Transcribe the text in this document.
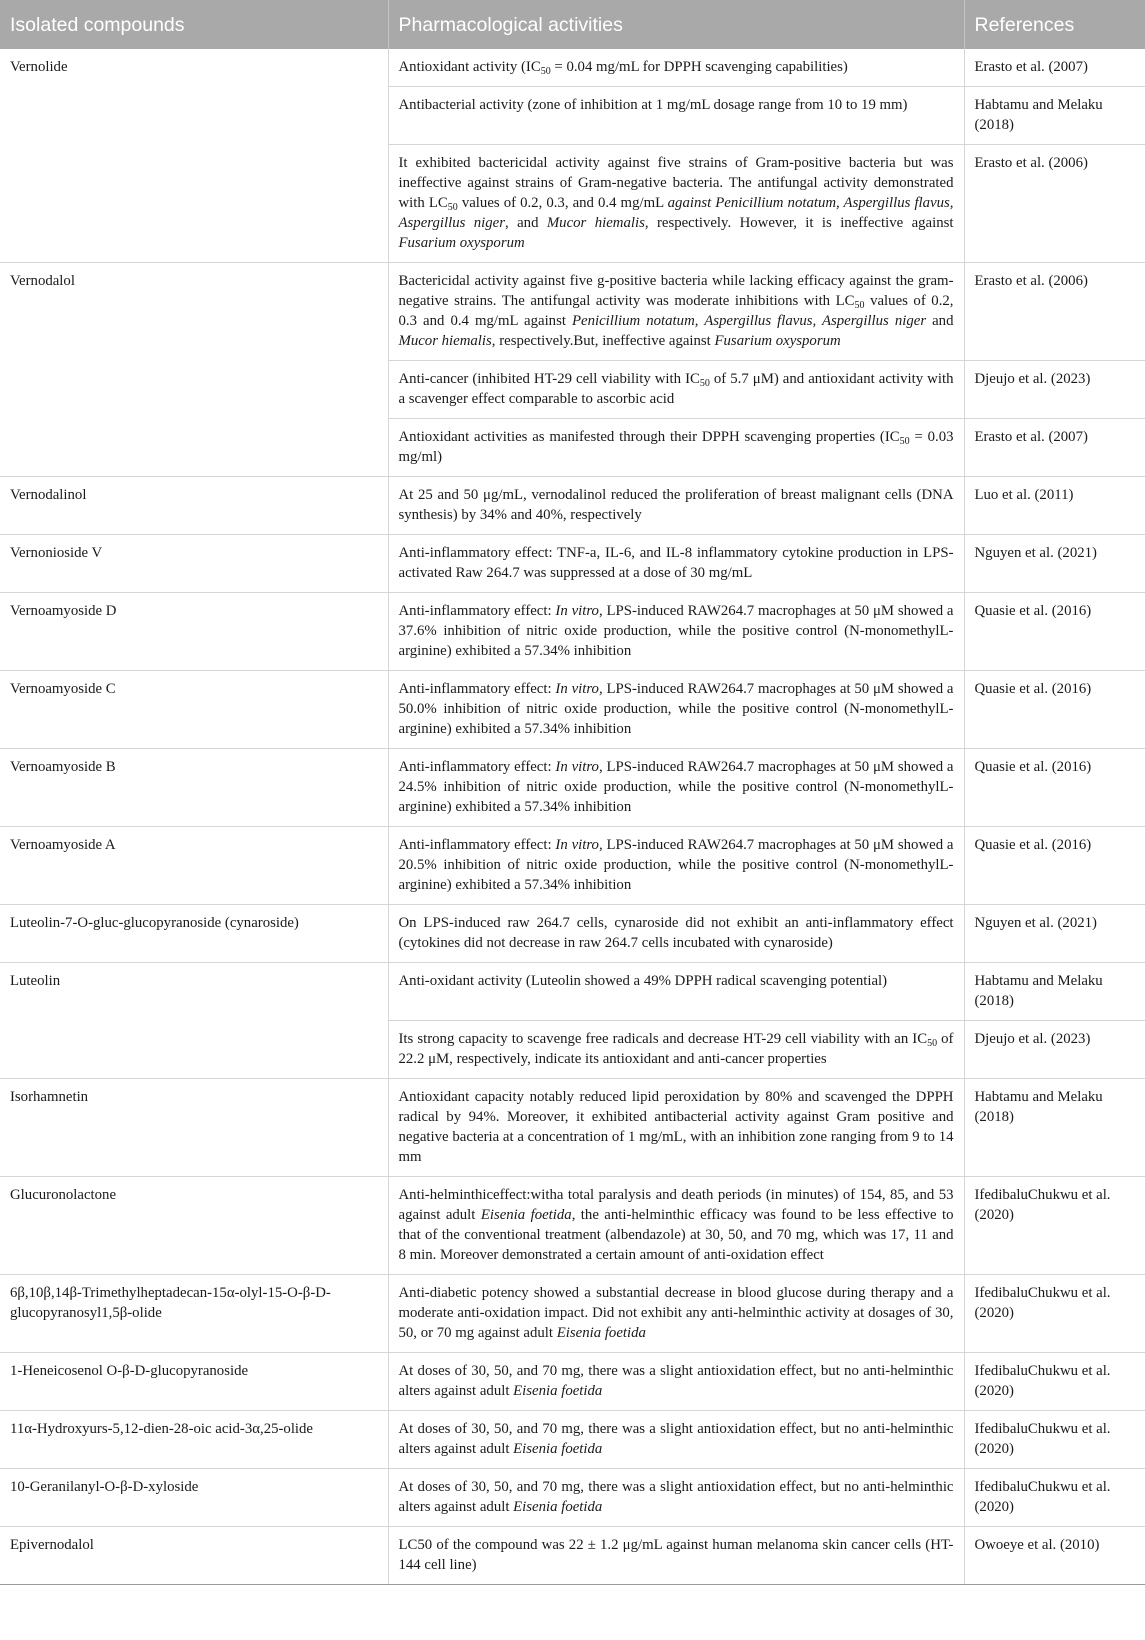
Isolated compounds	Pharmacological activities	References
Vernolide	Antioxidant activity ($IC_{50} = 0.04$ mg/mL for DPPH scavenging capabilities)	Erasto et al. (2007)
	Antibacterial activity (zone of inhibition at 1 mg/mL dosage range from 10 to 19 mm)	Habtamu and Melaku (2018)
	It exhibited bactericidal activity against five strains of Gram-positive bacteria but was ineffective against strains of Gram-negative bacteria. The antifungal activity demonstrated with $LC_{50}$ values of 0.2, 0.3, and 0.4 mg/mL against Penicillium notatum, Aspergillus flavus, Aspergillus niger, and Mucor hiemalis, respectively. However, it is ineffective against Fusarium oxysporum	Erasto et al. (2006)
Vernodalol	Bactericidal activity against five g-positive bacteria while lacking efficacy against the gram-negative strains. The antifungal activity was moderate inhibitions with $LC_{50}$ values of 0.2, 0.3 and 0.4 mg/mL against Penicillium notatum, Aspergillus flavus, Aspergillus niger and Mucor hiemalis, respectively.But, ineffective against Fusarium oxysporum	Erasto et al. (2006)
	Anti-cancer (inhibited HT-29 cell viability with $IC_{50}$ of 5.7 μM) and antioxidant activity with a scavenger effect comparable to ascorbic acid	Djeujo et al. (2023)
	Antioxidant activities as manifested through their DPPH scavenging properties ($IC_{50} = 0.03$ mg/ml)	Erasto et al. (2007)
Vernodalinol	At 25 and 50 μg/mL, vernodalinol reduced the proliferation of breast malignant cells (DNA synthesis) by 34% and 40%, respectively	Luo et al. (2011)
Vernonioside V	Anti-inflammatory effect: TNF-a, IL-6, and IL-8 inflammatory cytokine production in LPS-activated Raw 264.7 was suppressed at a dose of 30 mg/mL	Nguyen et al. (2021)
Vernoamyoside D	Anti-inflammatory effect: In vitro, LPS-induced RAW264.7 macrophages at 50 μM showed a 37.6% inhibition of nitric oxide production, while the positive control (N-monomethylL-arginine) exhibited a 57.34% inhibition	Quasie et al. (2016)
Vernoamyoside C	Anti-inflammatory effect: In vitro, LPS-induced RAW264.7 macrophages at 50 μM showed a 50.0% inhibition of nitric oxide production, while the positive control (N-monomethylL-arginine) exhibited a 57.34% inhibition	Quasie et al. (2016)
Vernoamyoside B	Anti-inflammatory effect: In vitro, LPS-induced RAW264.7 macrophages at 50 μM showed a 24.5% inhibition of nitric oxide production, while the positive control (N-monomethylL-arginine) exhibited a 57.34% inhibition	Quasie et al. (2016)
Vernoamyoside A	Anti-inflammatory effect: In vitro, LPS-induced RAW264.7 macrophages at 50 μM showed a 20.5% inhibition of nitric oxide production, while the positive control (N-monomethylL-arginine) exhibited a 57.34% inhibition	Quasie et al. (2016)
Luteolin-7-O-gluc-glucopyranoside (cynaroside)	On LPS-induced raw 264.7 cells, cynaroside did not exhibit an anti-inflammatory effect (cytokines did not decrease in raw 264.7 cells incubated with cynaroside)	Nguyen et al. (2021)
Luteolin	Anti-oxidant activity (Luteolin showed a 49% DPPH radical scavenging potential)	Habtamu and Melaku (2018)
	Its strong capacity to scavenge free radicals and decrease HT-29 cell viability with an $IC_{50}$ of 22.2 μM, respectively, indicate its antioxidant and anti-cancer properties	Djeujo et al. (2023)
Isorhamnetin	Antioxidant capacity notably reduced lipid peroxidation by 80% and scavenged the DPPH radical by 94%. Moreover, it exhibited antibacterial activity against Gram positive and negative bacteria at a concentration of 1 mg/mL, with an inhibition zone ranging from 9 to 14 mm	Habtamu and Melaku (2018)
Glucuronolactone	Anti-helminthiceffect:witha total paralysis and death periods (in minutes) of 154, 85, and 53 against adult Eisenia foetida, the anti-helminthic efficacy was found to be less effective to that of the conventional treatment (albendazole) at 30, 50, and 70 mg, which was 17, 11 and 8 min. Moreover demonstrated a certain amount of anti-oxidation effect	IfedibaluChukwu et al. (2020)
6β,10β,14β-Trimethylheptadecan-15α-olyl-15-O-β-D-glucopyranosyl1,5β-olide	Anti-diabetic potency showed a substantial decrease in blood glucose during therapy and a moderate anti-oxidation impact. Did not exhibit any anti-helminthic activity at dosages of 30, 50, or 70 mg against adult Eisenia foetida	IfedibaluChukwu et al. (2020)
1-Heneicosenol O-β-D-glucopyranoside	At doses of 30, 50, and 70 mg, there was a slight antioxidation effect, but no anti-helminthic alters against adult Eisenia foetida	IfedibaluChukwu et al. (2020)
11α-Hydroxyurs-5,12-dien-28-oic acid-3α,25-olide	At doses of 30, 50, and 70 mg, there was a slight antioxidation effect, but no anti-helminthic alters against adult Eisenia foetida	IfedibaluChukwu et al. (2020)
10-Geranilanyl-O-β-D-xyloside	At doses of 30, 50, and 70 mg, there was a slight antioxidation effect, but no anti-helminthic alters against adult Eisenia foetida	IfedibaluChukwu et al. (2020)
Epivernodalol	LC50 of the compound was 22 ± 1.2 μg/mL against human melanoma skin cancer cells (HT-144 cell line)	Owoeye et al. (2010)
